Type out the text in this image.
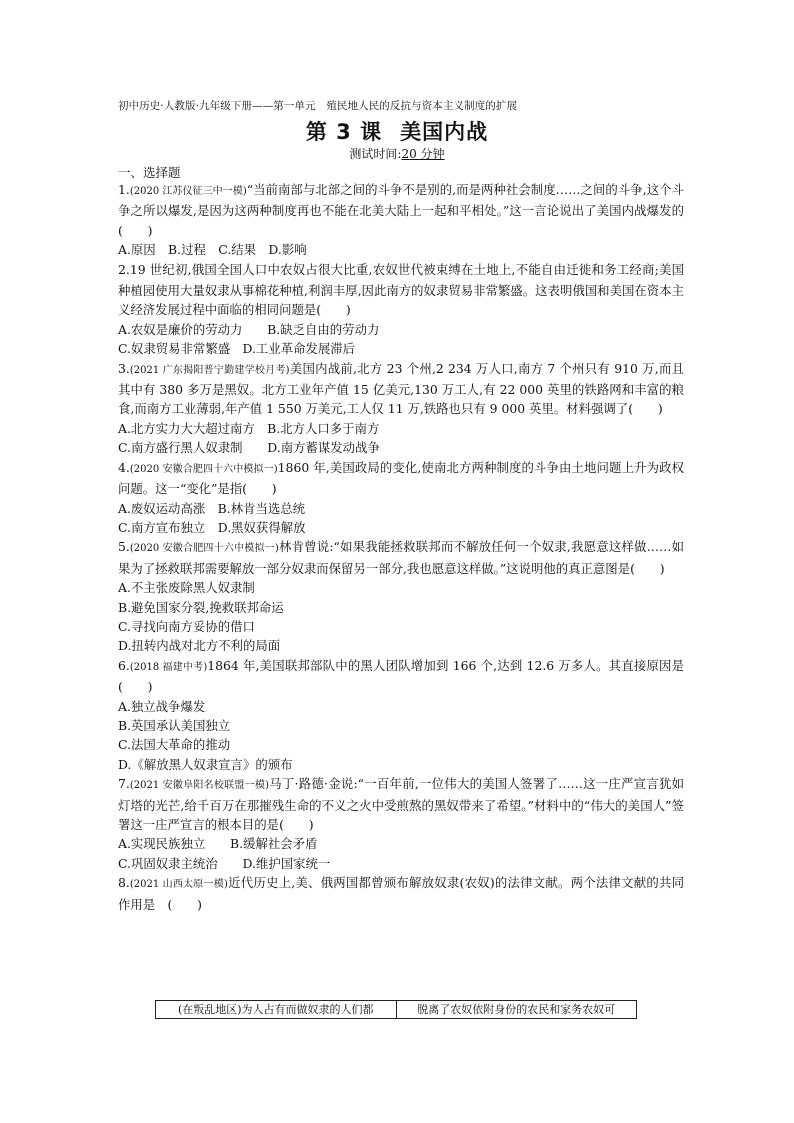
初中历史·人教版·九年级下册——第一单元　殖民地人民的反抗与资本主义制度的扩展
第 3 课 美国内战
测试时间:20 分钟
一、选择题

1.(2020 江苏仪征三中一模)“当前南部与北部之间的斗争不是别的,而是两种社会制度……之间的斗争,这个斗争之所以爆发,是因为这两种制度再也不能在北美大陆上一起和平相处。”这一言论说出了美国内战爆发的(　　)

A.原因　B.过程　C.结果　D.影响

2.19 世纪初,俄国全国人口中农奴占很大比重,农奴世代被束缚在土地上,不能自由迁徙和务工经商;美国种植园使用大量奴隶从事棉花种植,利润丰厚,因此南方的奴隶贸易非常繁盛。这表明俄国和美国在资本主义经济发展过程中面临的相同问题是(　　)

A.农奴是廉价的劳动力　　B.缺乏自由的劳动力

C.奴隶贸易非常繁盛　D.工业革命发展滞后

3.(2021 广东揭阳普宁勤建学校月考)美国内战前,北方 23 个州,2 234 万人口,南方 7 个州只有 910 万,而且其中有 380 多万是黑奴。北方工业年产值 15 亿美元,130 万工人,有 22 000 英里的铁路网和丰富的粮食,而南方工业薄弱,年产值 1 550 万美元,工人仅 11 万,铁路也只有 9 000 英里。材料强调了(　　)

A.北方实力大大超过南方　B.北方人口多于南方

C.南方盛行黑人奴隶制　　D.南方蓄谋发动战争

4.(2020 安徽合肥四十六中模拟一)1860 年,美国政局的变化,使南北方两种制度的斗争由土地问题上升为政权问题。这一“变化”是指(　　)

A.废奴运动高涨　B.林肯当选总统

C.南方宣布独立　D.黑奴获得解放

5.(2020 安徽合肥四十六中模拟一)林肯曾说:“如果我能拯救联邦而不解放任何一个奴隶,我愿意这样做……如果为了拯救联邦需要解放一部分奴隶而保留另一部分,我也愿意这样做。”这说明他的真正意图是(　　)

A.不主张废除黑人奴隶制

B.避免国家分裂,挽救联邦命运

C.寻找向南方妥协的借口

D.扭转内战对北方不利的局面

6.(2018 福建中考)1864 年,美国联邦部队中的黑人团队增加到 166 个,达到 12.6 万多人。其直接原因是(　　)

A.独立战争爆发

B.英国承认美国独立

C.法国大革命的推动

D.《解放黑人奴隶宣言》的颁布

7.(2021 安徽阜阳名校联盟一模)马丁·路德·金说:“一百年前,一位伟大的美国人签署了……这一庄严宣言犹如灯塔的光芒,给千百万在那摧残生命的不义之火中受煎熬的黑奴带来了希望。”材料中的“伟大的美国人”签署这一庄严宣言的根本目的是(　　)

A.实现民族独立　　B.缓解社会矛盾

C.巩固奴隶主统治　　D.维护国家统一

8.(2021 山西太原一模)近代历史上,美、俄两国都曾颁布解放奴隶(农奴)的法律文献。两个法律文献的共同作用是　(　　)

(在叛乱地区)为人占有而做奴隶的人们都	脱离了农奴依附身份的农民和家务农奴可
